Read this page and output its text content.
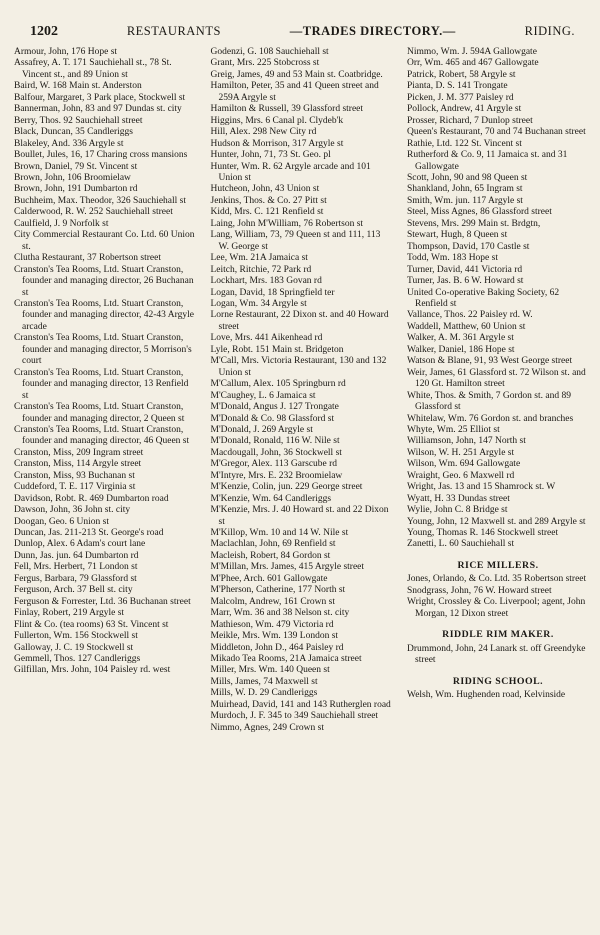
1202	RESTAURANTS	—TRADES DIRECTORY.—	RIDING.
Armour, John, 176 Hope st
Assafrey, A. T. 171 Sauchiehall st., 78 St. Vincent st., and 89 Union st
Baird, W. 168 Main st. Anderston
Balfour, Margaret, 3 Park place, Stockwell st
Bannerman, John, 83 and 97 Dundas st. city
Berry, Thos. 92 Sauchiehall street
Black, Duncan, 35 Candleriggs
Blakeley, And. 336 Argyle st
Boullet, Jules, 16, 17 Charing cross mansions
Brown, Daniel, 79 St. Vincent st
Brown, John, 106 Broomielaw
Brown, John, 191 Dumbarton rd
Buchheim, Max. Theodor, 326 Sauchiehall st
Calderwood, R. W. 252 Sauchiehall street
Caulfield, J. 9 Norfolk st
City Commercial Restaurant Co. Ltd. 60 Union st.
Clutha Restaurant, 37 Robertson street
Cranston's Tea Rooms, Ltd. Stuart Cranston, founder and managing director, 26 Buchanan st
Cranston's Tea Rooms, Ltd. Stuart Cranston, founder and managing director, 42-43 Argyle arcade
Cranston's Tea Rooms, Ltd. Stuart Cranston, founder and managing director, 5 Morrison's court
Cranston's Tea Rooms, Ltd. Stuart Cranston, founder and managing director, 13 Renfield st
Cranston's Tea Rooms, Ltd. Stuart Cranston, founder and managing director, 2 Queen st
Cranston's Tea Rooms, Ltd. Stuart Cranston, founder and managing director, 46 Queen st
Cranston, Miss, 209 Ingram street
Cranston, Miss, 114 Argyle street
Cranston, Miss, 93 Buchanan st
Cuddeford, T. E. 117 Virginia st
Davidson, Robt. R. 469 Dumbarton road
Dawson, John, 36 John st. city
Doogan, Geo. 6 Union st
Duncan, Jas. 211-213 St. George's road
Dunlop, Alex. 6 Adam's court lane
Dunn, Jas. jun. 64 Dumbarton rd
Fell, Mrs. Herbert, 71 London st
Fergus, Barbara, 79 Glassford st
Ferguson, Arch. 37 Bell st. city
Ferguson & Forrester, Ltd. 36 Buchanan street
Finlay, Robert, 219 Argyle st
Flint & Co. (tea rooms) 63 St. Vincent st
Fullerton, Wm. 156 Stockwell st
Galloway, J. C. 19 Stockwell st
Gemmell, Thos. 127 Candleriggs
Gilfillan, Mrs. John, 104 Paisley rd. west
Godenzi, G. 108 Sauchiehall st
Grant, Mrs. 225 Stobcross st
Greig, James, 49 and 53 Main st. Coatbridge.
Hamilton, Peter, 35 and 41 Queen street and 259A Argyle st
Hamilton & Russell, 39 Glassford street
Higgins, Mrs. 6 Canal pl. Clydeb'k
Hill, Alex. 298 New City rd
Hudson & Morrison, 317 Argyle st
Hunter, John, 71, 73 St. Geo. pl
Hunter, Wm. R. 62 Argyle arcade and 101 Union st
Hutcheon, John, 43 Union st
Jenkins, Thos. & Co. 27 Pitt st
Kidd, Mrs. C. 121 Renfield st
Laing, John M'William, 76 Robertson st
Lang, William, 73, 79 Queen st and 111, 113 W. George st
Lee, Wm. 21A Jamaica st
Leitch, Ritchie, 72 Park rd
Lockhart, Mrs. 183 Govan rd
Logan, David, 18 Springfield ter
Logan, Wm. 34 Argyle st
Lorne Restaurant, 22 Dixon st. and 40 Howard street
Love, Mrs. 441 Aikenhead rd
Lyle, Robt. 151 Main st. Bridgeton
M'Call, Mrs. Victoria Restaurant, 130 and 132 Union st
M'Callum, Alex. 105 Springburn rd
M'Caughey, L. 6 Jamaica st
M'Donald, Angus J. 127 Trongate
M'Donald & Co. 98 Glassford st
M'Donald, J. 269 Argyle st
M'Donald, Ronald, 116 W. Nile st
Macdougall, John, 36 Stockwell st
M'Gregor, Alex. 113 Garscube rd
M'Intyre, Mrs. E. 232 Broomielaw
M'Kenzie, Colin, jun. 229 George street
M'Kenzie, Wm. 64 Candleriggs
M'Kenzie, Mrs. J. 40 Howard st. and 22 Dixon st
M'Killop, Wm. 10 and 14 W. Nile st
Maclachlan, John, 69 Renfield st
Macleish, Robert, 84 Gordon st
M'Millan, Mrs. James, 415 Argyle street
M'Phee, Arch. 601 Gallowgate
M'Pherson, Catherine, 177 North st
Malcolm, Andrew, 161 Crown st
Marr, Wm. 36 and 38 Nelson st. city
Mathieson, Wm. 479 Victoria rd
Meikle, Mrs. Wm. 139 London st
Middleton, John D., 464 Paisley rd
Mikado Tea Rooms, 21A Jamaica street
Miller, Mrs. Wm. 140 Queen st
Mills, James, 74 Maxwell st
Mills, W. D. 29 Candleriggs
Muirhead, David, 141 and 143 Rutherglen road
Murdoch, J. F. 345 to 349 Sauchiehall street
Nimmo, Agnes, 249 Crown st
Nimmo, Wm. J. 594A Gallowgate
Orr, Wm. 465 and 467 Gallowgate
Patrick, Robert, 58 Argyle st
Pianta, D. S. 141 Trongate
Picken, J. M. 377 Paisley rd
Pollock, Andrew, 41 Argyle st
Prosser, Richard, 7 Dunlop street
Queen's Restaurant, 70 and 74 Buchanan street
Rathie, Ltd. 122 St. Vincent st
Rutherford & Co. 9, 11 Jamaica st. and 31 Gallowgate
Scott, John, 90 and 98 Queen st
Shankland, John, 65 Ingram st
Smith, Wm. jun. 117 Argyle st
Steel, Miss Agnes, 86 Glassford street
Stevens, Mrs. 299 Main st. Brdgtn,
Stewart, Hugh, 8 Queen st
Thompson, David, 170 Castle st
Todd, Wm. 183 Hope st
Turner, David, 441 Victoria rd
Turner, Jas. B. 6 W. Howard st
United Co-operative Baking Society, 62 Renfield st
Vallance, Thos. 22 Paisley rd. W.
Waddell, Matthew, 60 Union st
Walker, A. M. 361 Argyle st
Walker, Daniel, 186 Hope st
Watson & Blane, 91, 93 West George street
Weir, James, 61 Glassford st. 72 Wilson st. and 120 Gt. Hamilton street
White, Thos. & Smith, 7 Gordon st. and 89 Glassford st
Whitelaw, Wm. 76 Gordon st. and branches
Whyte, Wm. 25 Elliot st
Williamson, John, 147 North st
Wilson, W. H. 251 Argyle st
Wilson, Wm. 694 Gallowgate
Wraight, Geo. 6 Maxwell rd
Wright, Jas. 13 and 15 Shamrock st. W
Wyatt, H. 33 Dundas street
Wylie, John C. 8 Bridge st
Young, John, 12 Maxwell st. and 289 Argyle st
Young, Thomas R. 146 Stockwell street
Zanetti, L. 60 Sauchiehall st
RICE MILLERS.
Jones, Orlando, & Co. Ltd. 35 Robertson street
Snodgrass, John, 76 W. Howard street
Wright, Crossley & Co. Liverpool; agent, John Morgan, 12 Dixon street
RIDDLE RIM MAKER.
Drummond, John, 24 Lanark st. off Greendyke street
RIDING SCHOOL.
Welsh, Wm. Hughenden road, Kelvinside
